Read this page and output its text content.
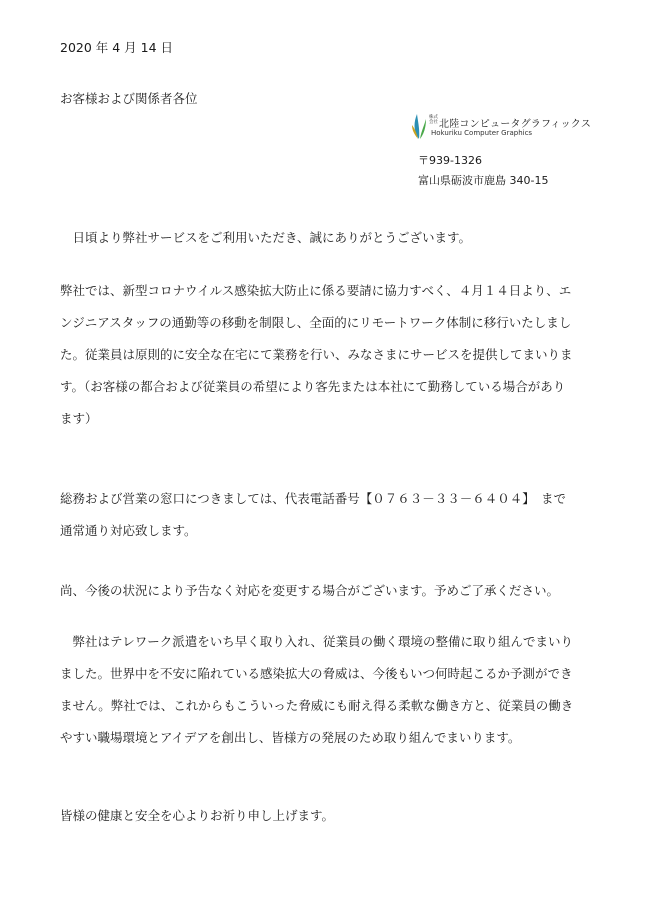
2020 年 4 月 14 日
お客様および関係者各位
株式会社 北陸コンピュータグラフィックス
Hokuriku Computer Graphics
〒939-1326
富山県砺波市鹿島 340-15

　日頃より弊社サービスをご利用いただき、誠にありがとうございます。

弊社では、新型コロナウイルス感染拡大防止に係る要請に協力すべく、４月１４日より、エ
ンジニアスタッフの通勤等の移動を制限し、全面的にリモートワーク体制に移行いたしまし
た。従業員は原則的に安全な在宅にて業務を行い、みなさまにサービスを提供してまいりま
す。（お客様の都合および従業員の希望により客先または本社にて勤務している場合があり
ます）

総務および営業の窓口につきましては、代表電話番号【０７６３－３３－６４０４】　まで
通常通り対応致します。

尚、今後の状況により予告なく対応を変更する場合がございます。予めご了承ください。

　弊社はテレワーク派遣をいち早く取り入れ、従業員の働く環境の整備に取り組んでまいり
ました。世界中を不安に陥れている感染拡大の脅威は、今後もいつ何時起こるか予測ができ
ません。弊社では、これからもこういった脅威にも耐え得る柔軟な働き方と、従業員の働き
やすい職場環境とアイデアを創出し、皆様方の発展のため取り組んでまいります。

皆様の健康と安全を心よりお祈り申し上げます。
